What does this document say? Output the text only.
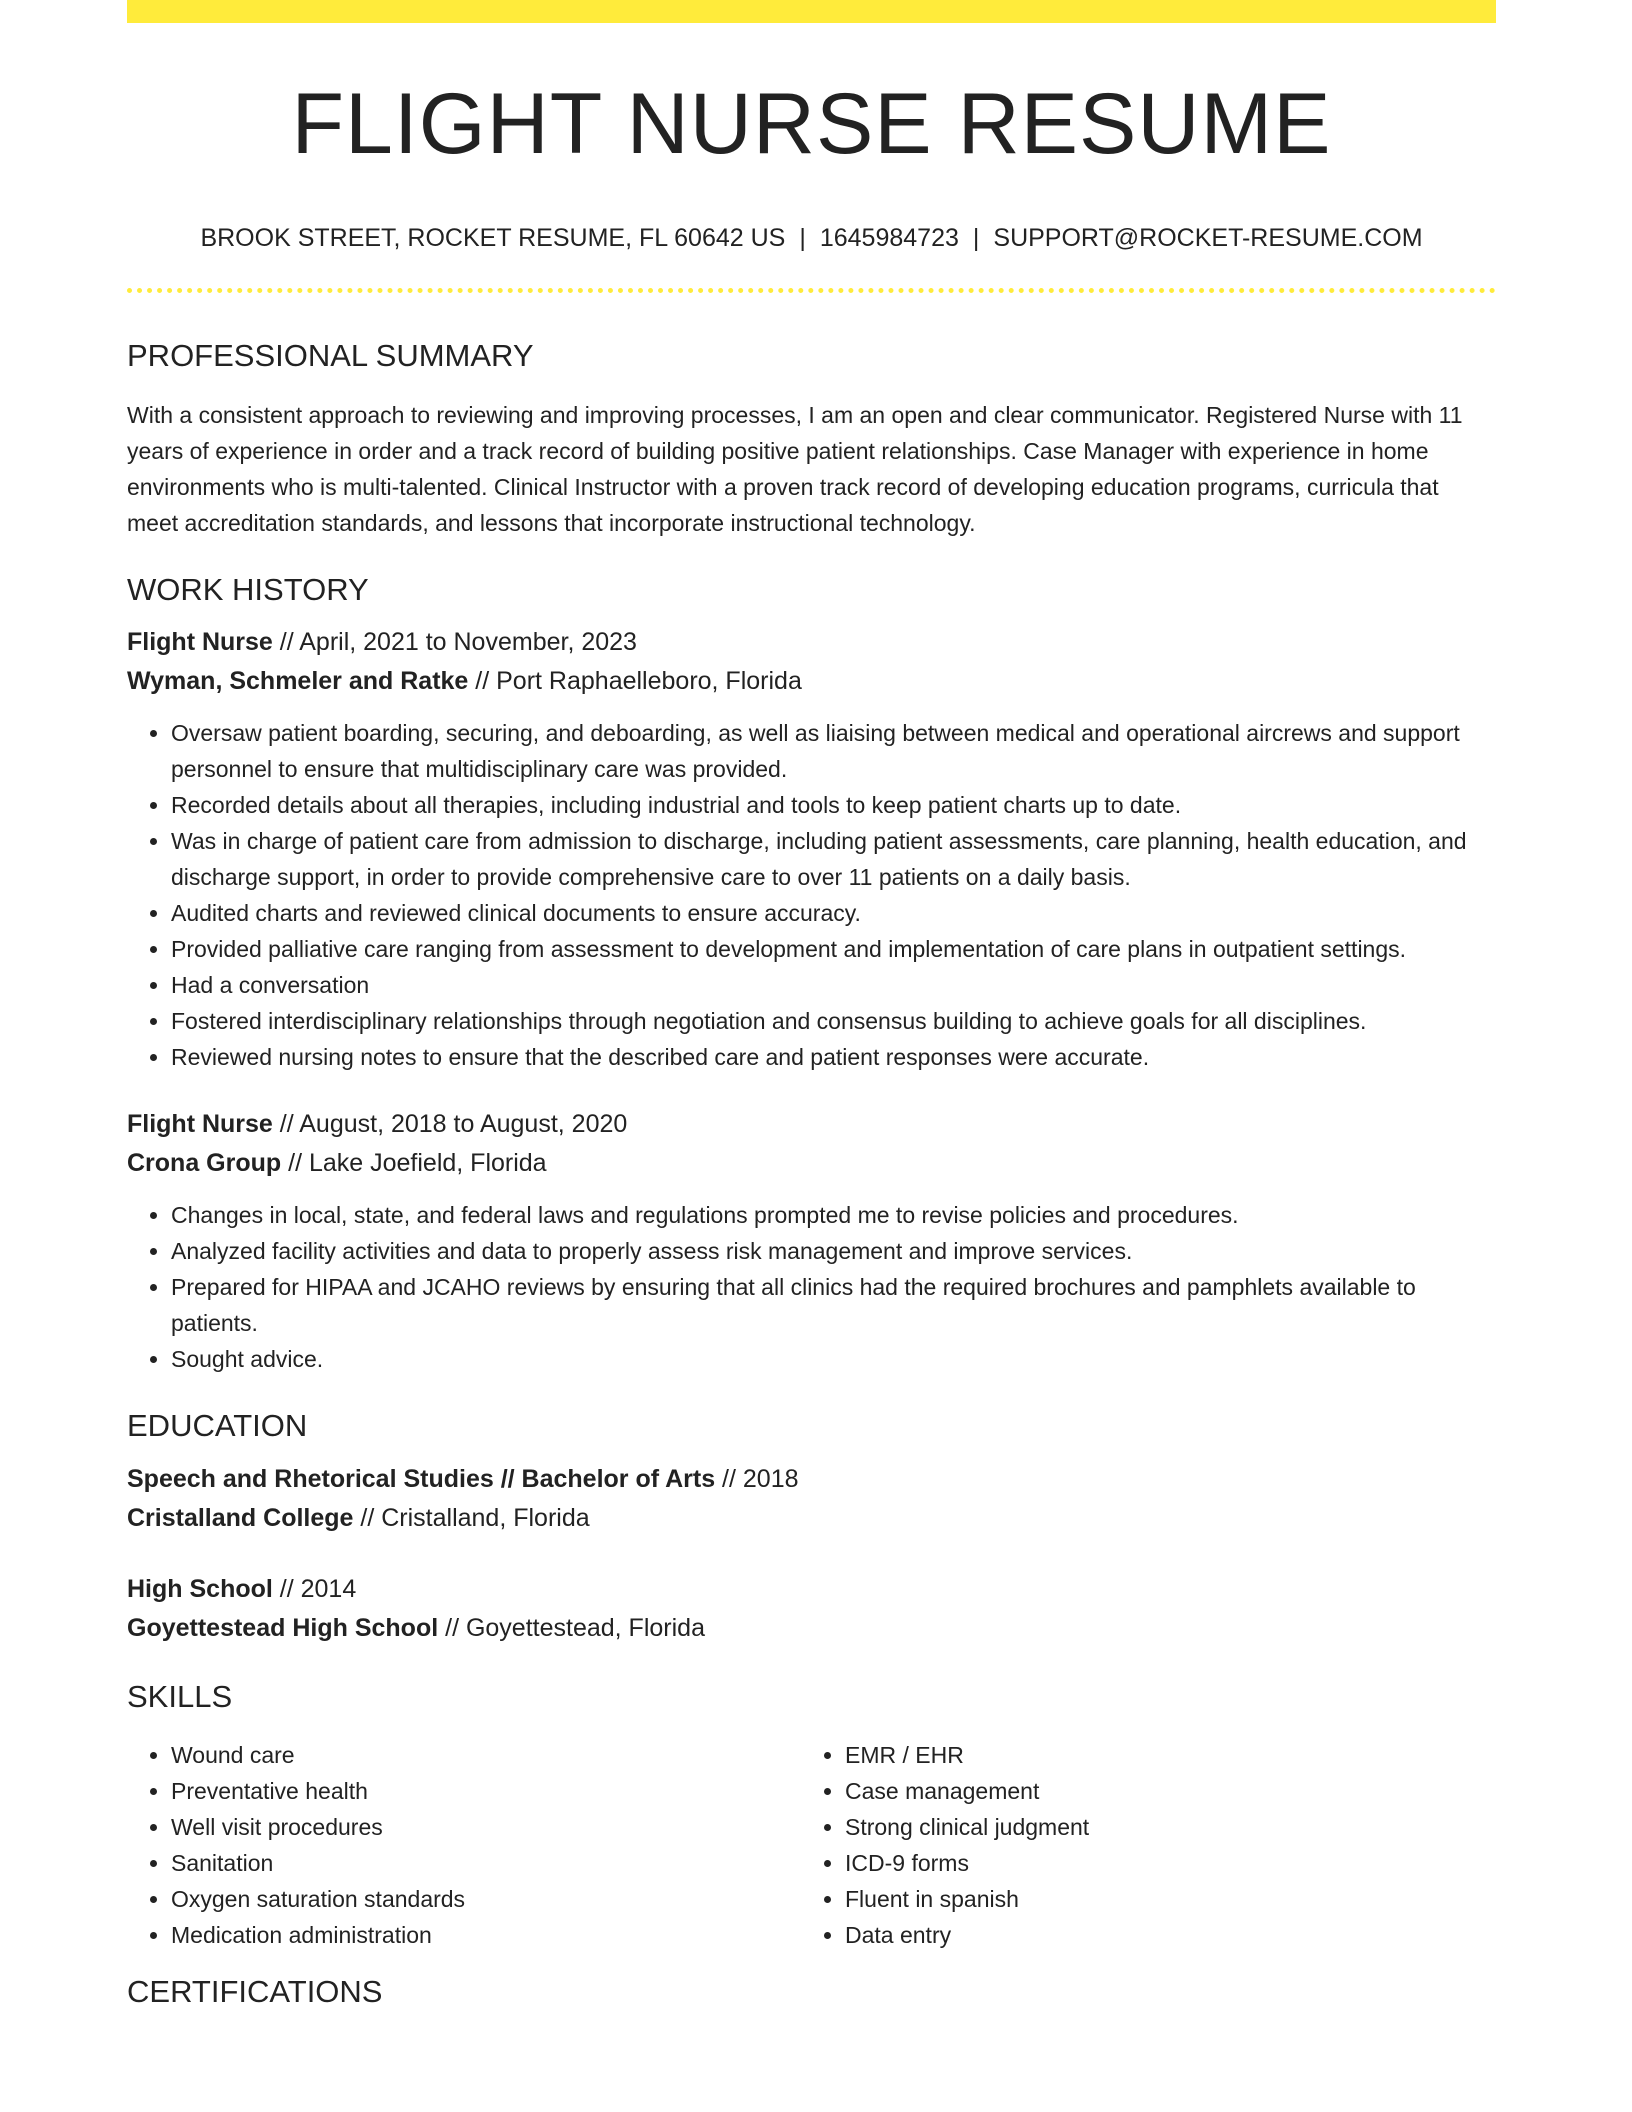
FLIGHT NURSE RESUME
BROOK STREET, ROCKET RESUME, FL 60642 US | 1645984723 | SUPPORT@ROCKET-RESUME.COM
PROFESSIONAL SUMMARY

With a consistent approach to reviewing and improving processes, I am an open and clear communicator. Registered Nurse with 11 years of experience in order and a track record of building positive patient relationships. Case Manager with experience in home environments who is multi-talented. Clinical Instructor with a proven track record of developing education programs, curricula that meet accreditation standards, and lessons that incorporate instructional technology.

WORK HISTORY
Flight Nurse // April, 2021 to November, 2023
Wyman, Schmeler and Ratke // Port Raphaelleboro, Florida
• Oversaw patient boarding, securing, and deboarding, as well as liaising between medical and operational aircrews and support personnel to ensure that multidisciplinary care was provided.
• Recorded details about all therapies, including industrial and tools to keep patient charts up to date.
• Was in charge of patient care from admission to discharge, including patient assessments, care planning, health education, and discharge support, in order to provide comprehensive care to over 11 patients on a daily basis.
• Audited charts and reviewed clinical documents to ensure accuracy.
• Provided palliative care ranging from assessment to development and implementation of care plans in outpatient settings.
• Had a conversation
• Fostered interdisciplinary relationships through negotiation and consensus building to achieve goals for all disciplines.
• Reviewed nursing notes to ensure that the described care and patient responses were accurate.
Flight Nurse // August, 2018 to August, 2020
Crona Group // Lake Joefield, Florida
• Changes in local, state, and federal laws and regulations prompted me to revise policies and procedures.
• Analyzed facility activities and data to properly assess risk management and improve services.
• Prepared for HIPAA and JCAHO reviews by ensuring that all clinics had the required brochures and pamphlets available to patients.
• Sought advice.
EDUCATION
Speech and Rhetorical Studies // Bachelor of Arts // 2018
Cristalland College // Cristalland, Florida
High School // 2014
Goyettestead High School // Goyettestead, Florida
SKILLS
• Wound care
• Preventative health
• Well visit procedures
• Sanitation
• Oxygen saturation standards
• Medication administration
• EMR / EHR
• Case management
• Strong clinical judgment
• ICD-9 forms
• Fluent in spanish
• Data entry
CERTIFICATIONS
